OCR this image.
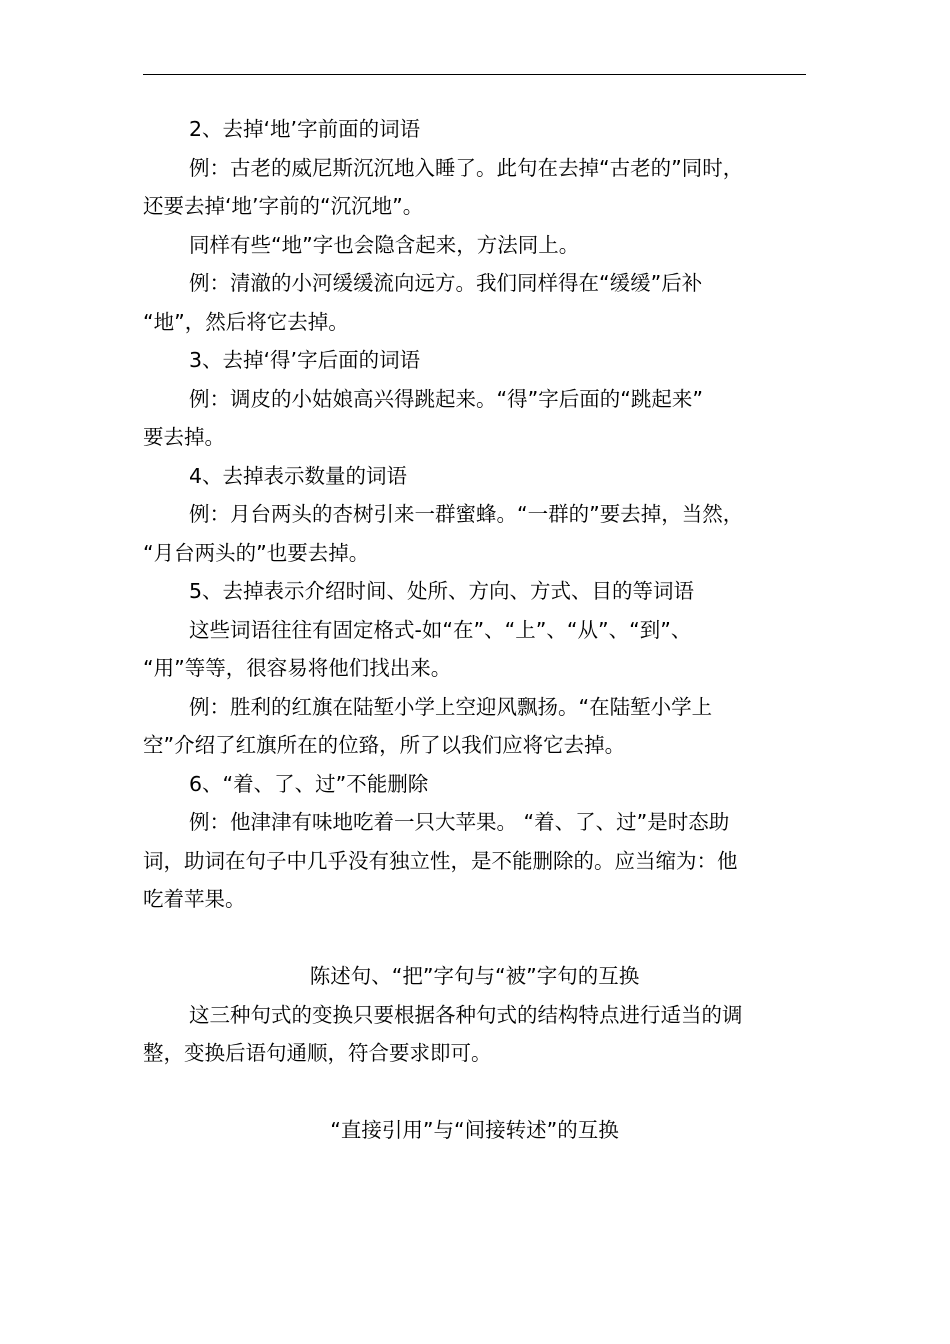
2、去掉‘地’字前面的词语

例：古老的威尼斯沉沉地入睡了。此句在去掉“古老的”同时，

还要去掉‘地’字前的“沉沉地”。

同样有些“地”字也会隐含起来，方法同上。

例：清澈的小河缓缓流向远方。我们同样得在“缓缓”后补

“地”，然后将它去掉。

3、去掉‘得’字后面的词语

例：调皮的小姑娘高兴得跳起来。“得”字后面的“跳起来”

要去掉。

4、去掉表示数量的词语

例：月台两头的杏树引来一群蜜蜂。“一群的”要去掉，当然，

“月台两头的”也要去掉。

5、去掉表示介绍时间、处所、方向、方式、目的等词语

这些词语往往有固定格式-如“在”、“上”、“从”、“到”、

“用”等等，很容易将他们找出来。

例：胜利的红旗在陆堑小学上空迎风飘扬。“在陆堑小学上

空”介绍了红旗所在的位臵，所了以我们应将它去掉。

6、“着、了、过”不能删除

例：他津津有味地吃着一只大苹果。 “着、了、过”是时态助

词，助词在句子中几乎没有独立性，是不能删除的。应当缩为：他

吃着苹果。

陈述句、“把”字句与“被”字句的互换

这三种句式的变换只要根据各种句式的结构特点进行适当的调

整，变换后语句通顺，符合要求即可。

“直接引用”与“间接转述”的互换
